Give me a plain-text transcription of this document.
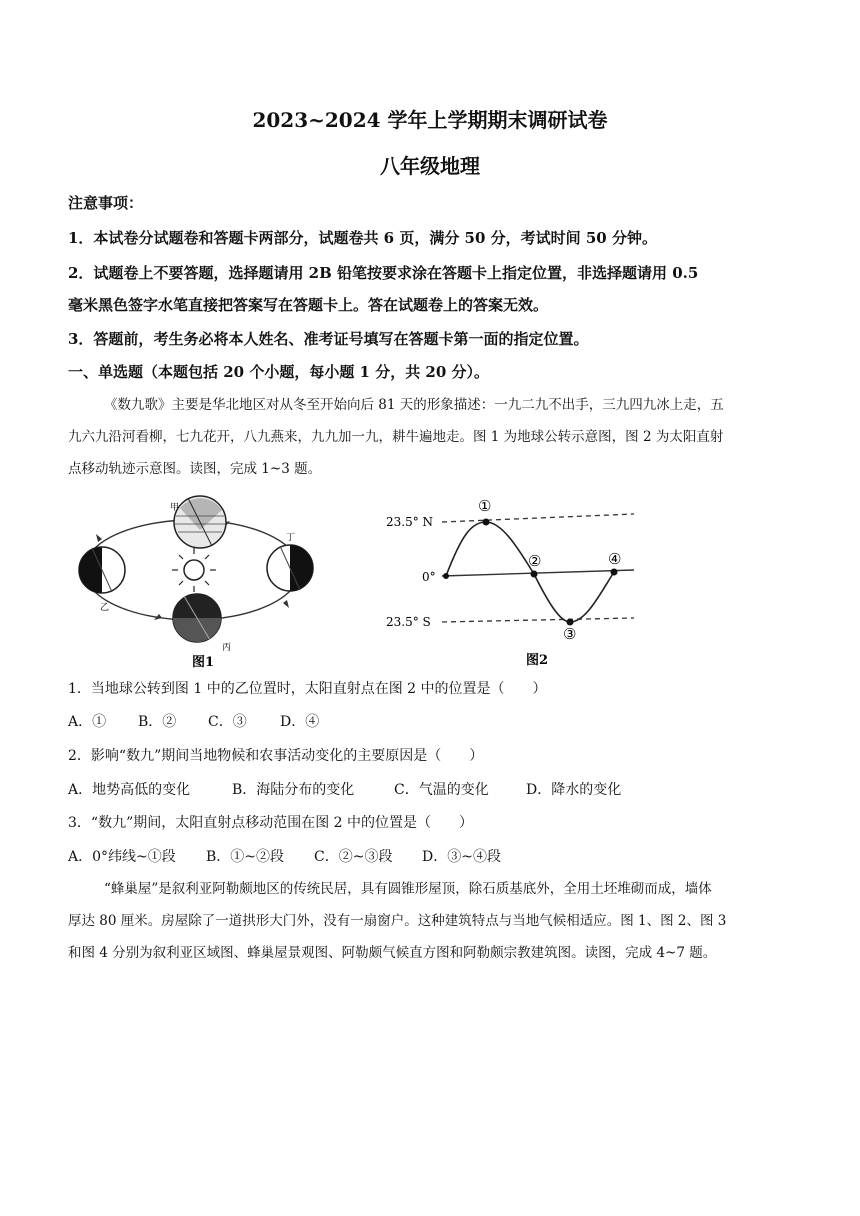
2023~2024 学年上学期期末调研试卷
八年级地理
注意事项：
1．本试卷分试题卷和答题卡两部分，试题卷共 6 页，满分 50 分，考试时间 50 分钟。
2．试题卷上不要答题，选择题请用 2B 铅笔按要求涂在答题卡上指定位置，非选择题请用 0.5
毫米黑色签字水笔直接把答案写在答题卡上。答在试题卷上的答案无效。
3．答题前，考生务必将本人姓名、准考证号填写在答题卡第一面的指定位置。
一、单选题（本题包括 20 个小题，每小题 1 分，共 20 分）。
《数九歌》主要是华北地区对从冬至开始向后 81 天的形象描述：一九二九不出手，三九四九冰上走，五
九六九沿河看柳，七九花开，八九燕来，九九加一九，耕牛遍地走。图 1 为地球公转示意图，图 2 为太阳直射
点移动轨迹示意图。读图，完成 1~3 题。
甲
乙
丁
丙
图1
23.5° N
0°
23.5° S
①
②
③
④
图2
1．当地球公转到图 1 中的乙位置时，太阳直射点在图 2 中的位置是（　　）
A．① B．② C．③ D．④
2．影响“数九”期间当地物候和农事活动变化的主要原因是（　　）
A．地势高低的变化	B．海陆分布的变化	C．气温的变化	D．降水的变化
3．“数九”期间，太阳直射点移动范围在图 2 中的位置是（　　）
A．0°纬线~①段 B．①~②段 C．②~③段 D．③~④段
“蜂巢屋”是叙利亚阿勒颇地区的传统民居，具有圆锥形屋顶，除石质基底外，全用土坯堆砌而成，墙体
厚达 80 厘米。房屋除了一道拱形大门外，没有一扇窗户。这种建筑特点与当地气候相适应。图 1、图 2、图 3
和图 4 分别为叙利亚区域图、蜂巢屋景观图、阿勒颇气候直方图和阿勒颇宗教建筑图。读图，完成 4~7 题。
